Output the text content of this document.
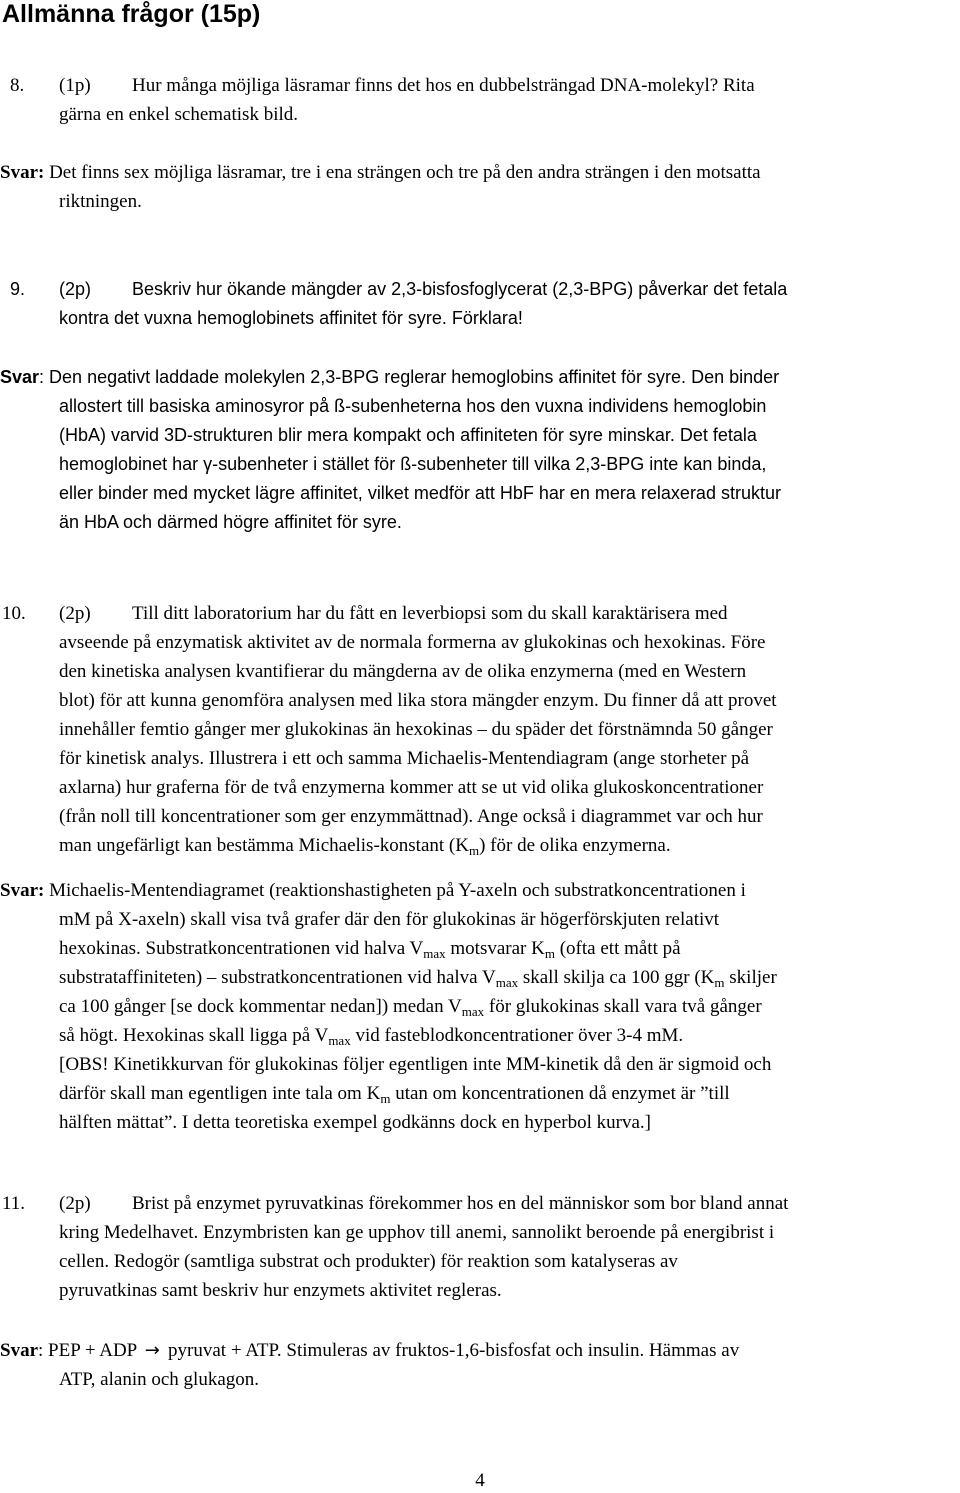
Allmänna frågor (15p)
8. (1p) Hur många möjliga läsramar finns det hos en dubbelsträngad DNA-molekyl? Rita
gärna en enkel schematisk bild.
Svar: Det finns sex möjliga läsramar, tre i ena strängen och tre på den andra strängen i den motsatta
riktningen.
9. (2p) Beskriv hur ökande mängder av 2,3-bisfosfoglycerat (2,3-BPG) påverkar det fetala
kontra det vuxna hemoglobinets affinitet för syre. Förklara!
Svar: Den negativt laddade molekylen 2,3-BPG reglerar hemoglobins affinitet för syre. Den binder
allostert till basiska aminosyror på ß-subenheterna hos den vuxna individens hemoglobin
(HbA) varvid 3D-strukturen blir mera kompakt och affiniteten för syre minskar. Det fetala
hemoglobinet har γ-subenheter i stället för ß-subenheter till vilka 2,3-BPG inte kan binda,
eller binder med mycket lägre affinitet, vilket medför att HbF har en mera relaxerad struktur
än HbA och därmed högre affinitet för syre.
10. (2p) Till ditt laboratorium har du fått en leverbiopsi som du skall karaktärisera med
avseende på enzymatisk aktivitet av de normala formerna av glukokinas och hexokinas. Före
den kinetiska analysen kvantifierar du mängderna av de olika enzymerna (med en Western
blot) för att kunna genomföra analysen med lika stora mängder enzym. Du finner då att provet
innehåller femtio gånger mer glukokinas än hexokinas – du späder det förstnämnda 50 gånger
för kinetisk analys. Illustrera i ett och samma Michaelis-Mentendiagram (ange storheter på
axlarna) hur graferna för de två enzymerna kommer att se ut vid olika glukoskoncentrationer
(från noll till koncentrationer som ger enzymmättnad). Ange också i diagrammet var och hur
man ungefärligt kan bestämma Michaelis-konstant $(K_m)$ för de olika enzymerna.
Svar: Michaelis-Mentendiagramet (reaktionshastigheten på Y-axeln och substratkoncentrationen i
mM på X-axeln) skall visa två grafer där den för glukokinas är högerförskjuten relativt
hexokinas. Substratkoncentrationen vid halva $V_{max}$ motsvarar $K_m$ (ofta ett mått på
substrataffiniteten) – substratkoncentrationen vid halva $V_{max}$ skall skilja ca 100 ggr ($K_m$ skiljer
ca 100 gånger [se dock kommentar nedan]) medan $V_{max}$ för glukokinas skall vara två gånger
så högt. Hexokinas skall ligga på $V_{max}$ vid fasteblodkoncentrationer över 3-4 mM.
[OBS! Kinetikkurvan för glukokinas följer egentligen inte MM-kinetik då den är sigmoid och
därför skall man egentligen inte tala om $K_m$ utan om koncentrationen då enzymet är ”till
hälften mättat”. I detta teoretiska exempel godkänns dock en hyperbol kurva.]
11. (2p) Brist på enzymet pyruvatkinas förekommer hos en del människor som bor bland annat
kring Medelhavet. Enzymbristen kan ge upphov till anemi, sannolikt beroende på energibrist i
cellen. Redogör (samtliga substrat och produkter) för reaktion som katalyseras av
pyruvatkinas samt beskriv hur enzymets aktivitet regleras.
Svar: PEP + ADP → pyruvat + ATP. Stimuleras av fruktos-1,6-bisfosfat och insulin. Hämmas av
ATP, alanin och glukagon.
4
